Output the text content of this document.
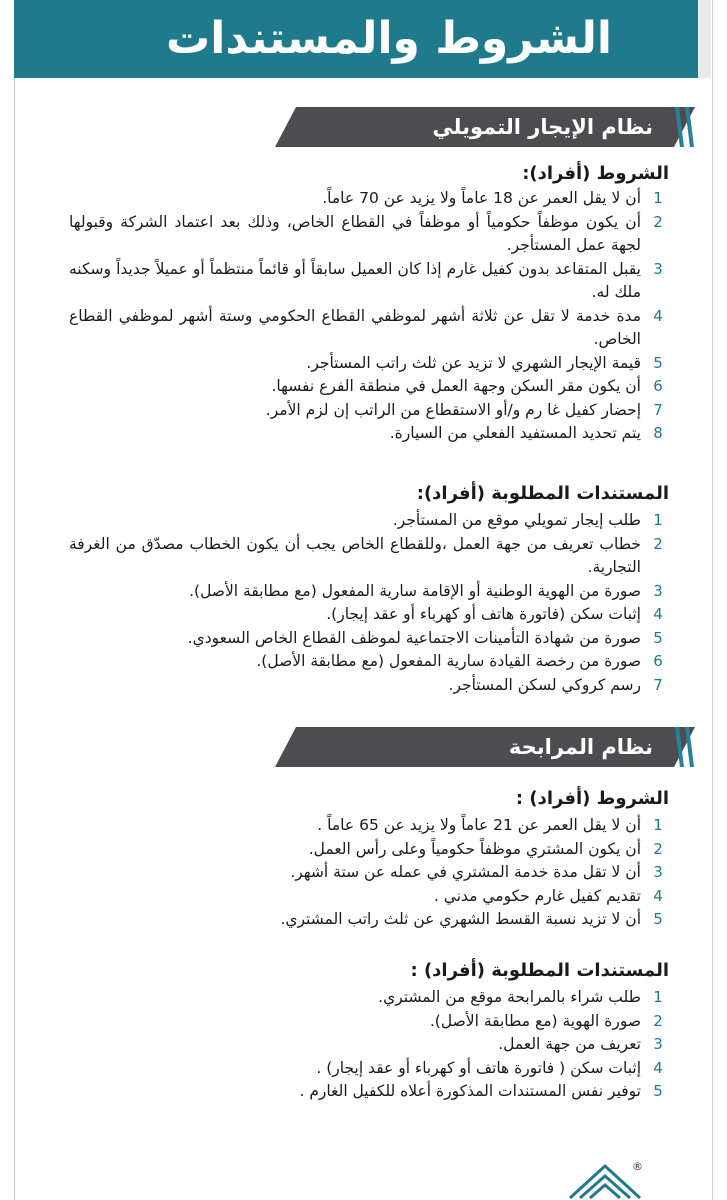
الشروط والمستندات
نظام الإيجار التمويلي
الشروط (أفراد):
1
أن لا يقل العمر عن 18 عاماً ولا يزيد عن 70 عاماً.
2
أن يكون موظفاً حكومياً أو موظفاً في القطاع الخاص، وذلك بعد اعتماد الشركة وقبولها لجهة عمل المستأجر.
3
يقبل المتقاعد بدون كفيل غارم إذا كان العميل سابقاً أو قائماً منتظماً أو عميلاً جديداً وسكنه ملك له.
4
مدة خدمة لا تقل عن ثلاثة أشهر لموظفي القطاع الحكومي وستة أشهر لموظفي القطاع الخاص.
5
قيمة الإيجار الشهري لا تزيد عن ثلث راتب المستأجر.
6
أن يكون مقر السكن وجهة العمل في منطقة الفرع نفسها.
7
إحضار كفيل غا رم و/أو الاستقطاع من الراتب إن لزم الأمر.
8
يتم تحديد المستفيد الفعلي من السيارة.
المستندات المطلوبة (أفراد):
1
طلب إيجار تمويلي موقع من المستأجر.
2
خطاب تعريف من جهة العمل ،وللقطاع الخاص يجب أن يكون الخطاب مصدّق من الغرفة التجارية.
3
صورة من الهوية الوطنية أو الإقامة سارية المفعول (مع مطابقة الأصل).
4
إثبات سكن (فاتورة هاتف أو كهرباء أو عقد إيجار).
5
صورة من شهادة التأمينات الاجتماعية لموظف القطاع الخاص السعودي.
6
صورة من رخصة القيادة سارية المفعول (مع مطابقة الأصل).
7
رسم كروكي لسكن المستأجر.
نظام المرابحة
الشروط (أفراد) :
1
أن لا يقل العمر عن 21 عاماً ولا يزيد عن 65 عاماً .
2
أن يكون المشتري موظفاً حكومياً وعلى رأس العمل.
3
أن لا تقل مدة خدمة المشتري في عمله عن ستة أشهر.
4
تقديم كفيل غارم حكومي مدني .
5
أن لا تزيد نسبة القسط الشهري عن ثلث راتب المشتري.
المستندات المطلوبة (أفراد) :
1
طلب شراء بالمرابحة موقع من المشتري.
2
صورة الهوية (مع مطابقة الأصل).
3
تعريف من جهة العمل.
4
إثبات سكن ( فاتورة هاتف أو كهرباء أو عقد إيجار) .
5
توفير نفس المستندات المذكورة أعلاه للكفيل الغارم .
®
